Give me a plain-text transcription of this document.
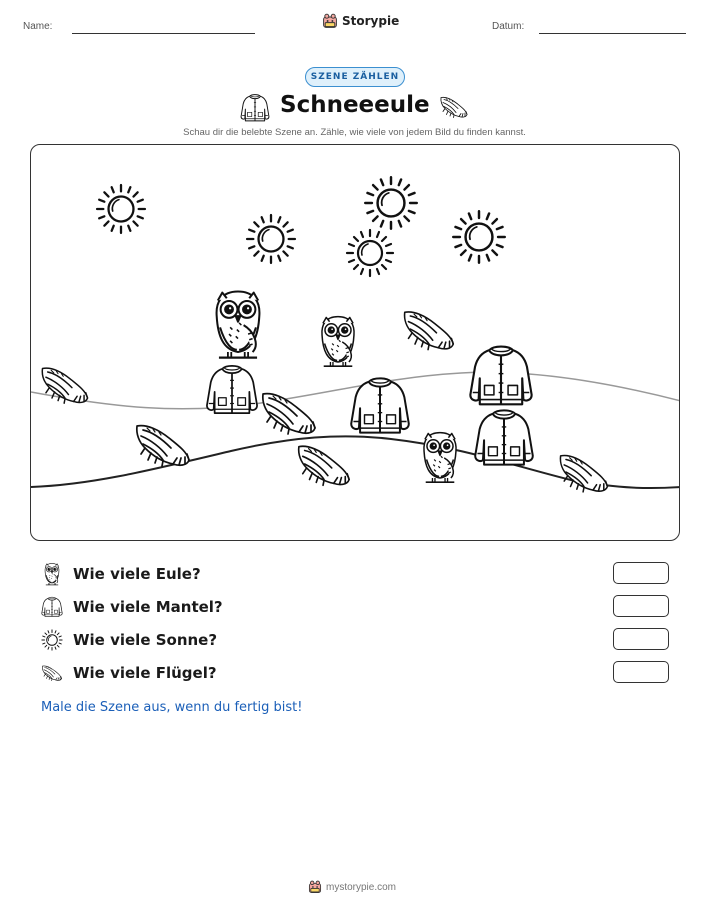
Name:	Storypie	Datum:
SZENE ZÄHLEN
Schneeeule
Schau dir die belebte Szene an. Zähle, wie viele von jedem Bild du finden kannst.
Wie viele Eule?
Wie viele Mantel?
Wie viele Sonne?
Wie viele Flügel?
Male die Szene aus, wenn du fertig bist!
mystorypie.com
